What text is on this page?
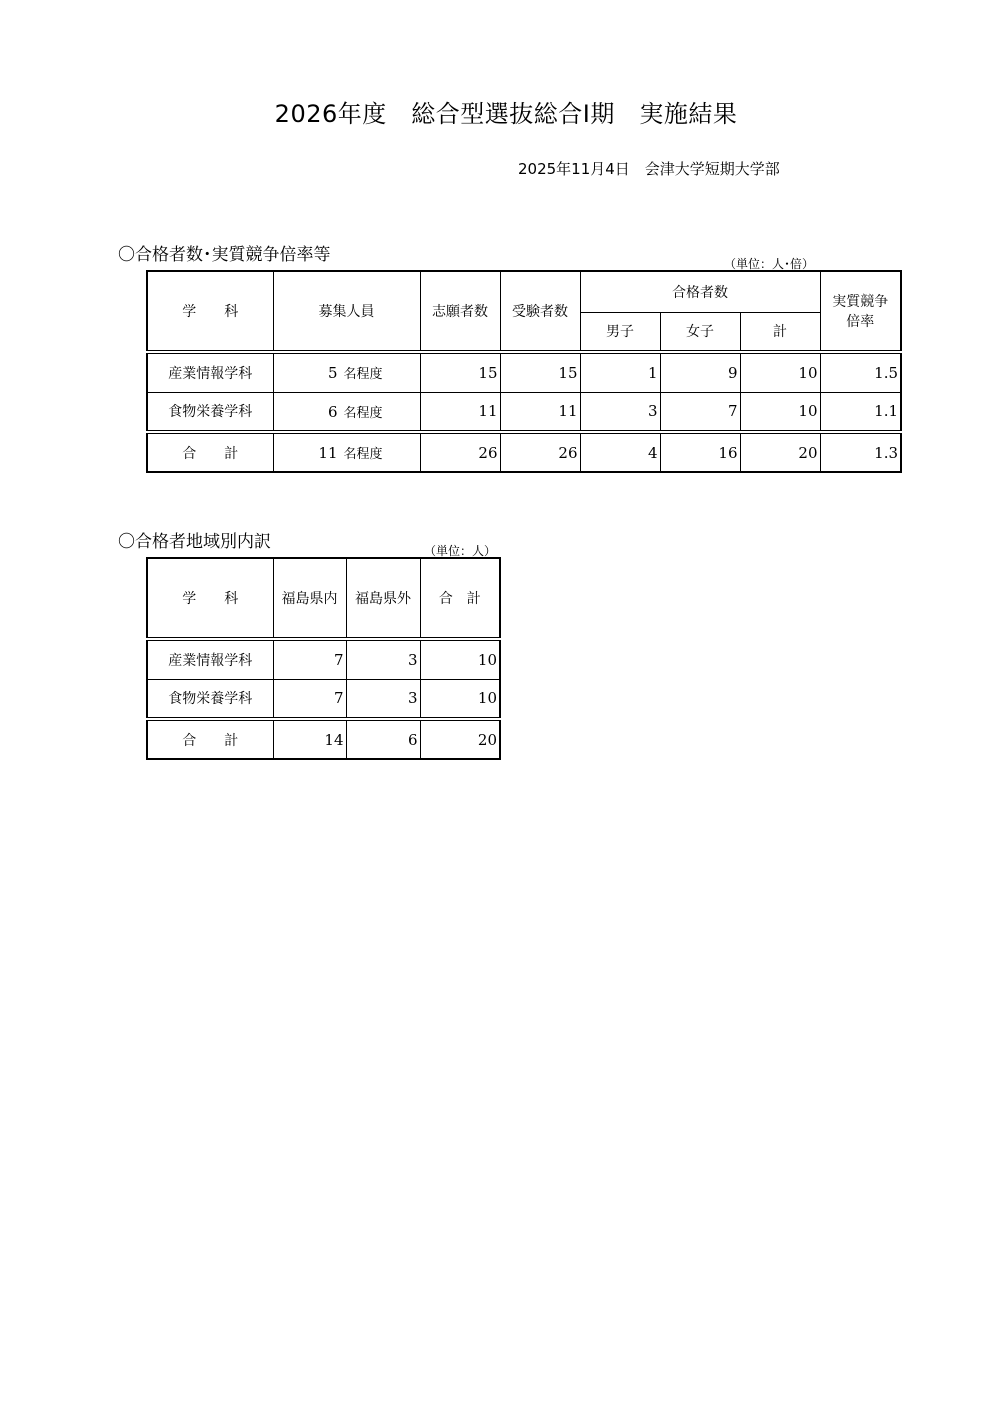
2026年度　総合型選抜総合Ⅰ期　実施結果
2025年11月4日　会津大学短期大学部
〇合格者数･実質競争倍率等	（単位：人･倍）
学　　科	募集人員	志願者数	受験者数	合格者数			実質競争
倍率

				男子	女子	計	
産業情報学科	5 名程度	15	15	1	9	10	1.5
食物栄養学科	6 名程度	11	11	3	7	10	1.1
合　　計	11 名程度	26	26	4	16	20	1.3
〇合格者地域別内訳	（単位：人）
学　　科	福島県内	福島県外	合　計
産業情報学科	7	3	10
食物栄養学科	7	3	10
合　　計	14	6	20
